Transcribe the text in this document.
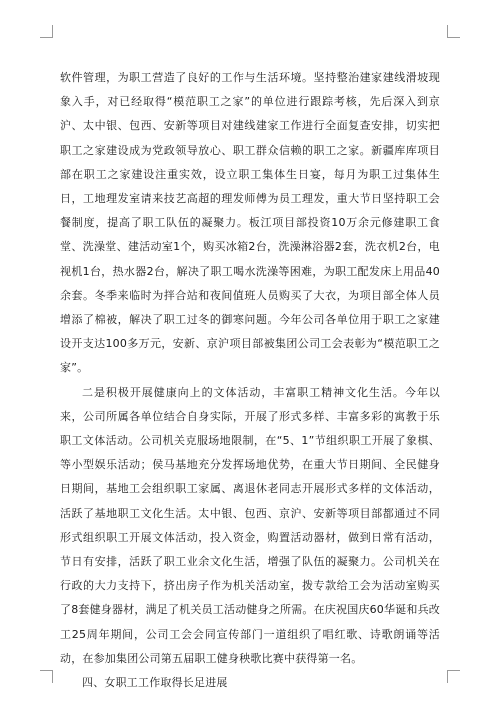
软件管理，为职工营造了良好的工作与生活环境。坚持整治建家建线滑坡现象入手，对已经取得“模范职工之家”的单位进行跟踪考核，先后深入到京沪、太中银、包西、安新等项目对建线建家工作进行全面复查安排，切实把职工之家建设成为党政领导放心、职工群众信赖的职工之家。新疆库库项目部在职工之家建设注重实效，设立职工集体生日宴，每月为职工过集体生日，工地理发室请来技艺高超的理发师傅为员工理发，重大节日坚持职工会餐制度，提高了职工队伍的凝聚力。板江项目部投资10万余元修建职工食堂、洗澡堂、建活动室1个，购买冰箱2台，洗澡淋浴器2套，洗衣机2台，电视机1台，热水器2台，解决了职工喝水洗澡等困难，为职工配发床上用品40余套。冬季来临时为拌合站和夜间值班人员购买了大衣，为项目部全体人员增添了棉被，解决了职工过冬的御寒问题。今年公司各单位用于职工之家建设开支达100多万元，安新、京沪项目部被集团公司工会表彰为“模范职工之家”。

二是积极开展健康向上的文体活动，丰富职工精神文化生活。今年以来，公司所属各单位结合自身实际，开展了形式多样、丰富多彩的寓教于乐职工文体活动。公司机关克服场地限制，在“5、1”节组织职工开展了象棋、等小型娱乐活动；侯马基地充分发挥场地优势，在重大节日期间、全民健身日期间，基地工会组织职工家属、离退休老同志开展形式多样的文体活动，活跃了基地职工文化生活。太中银、包西、京沪、安新等项目部都通过不同形式组织职工开展文体活动，投入资金，购置活动器材，做到日常有活动，节日有安排，活跃了职工业余文化生活，增强了队伍的凝聚力。公司机关在行政的大力支持下，挤出房子作为机关活动室，拨专款给工会为活动室购买了8套健身器材，满足了机关员工活动健身之所需。在庆祝国庆60华诞和兵改工25周年期间，公司工会会同宣传部门一道组织了唱红歌、诗歌朗诵等活动，在参加集团公司第五届职工健身秧歌比赛中获得第一名。

四、女职工工作取得长足进展
